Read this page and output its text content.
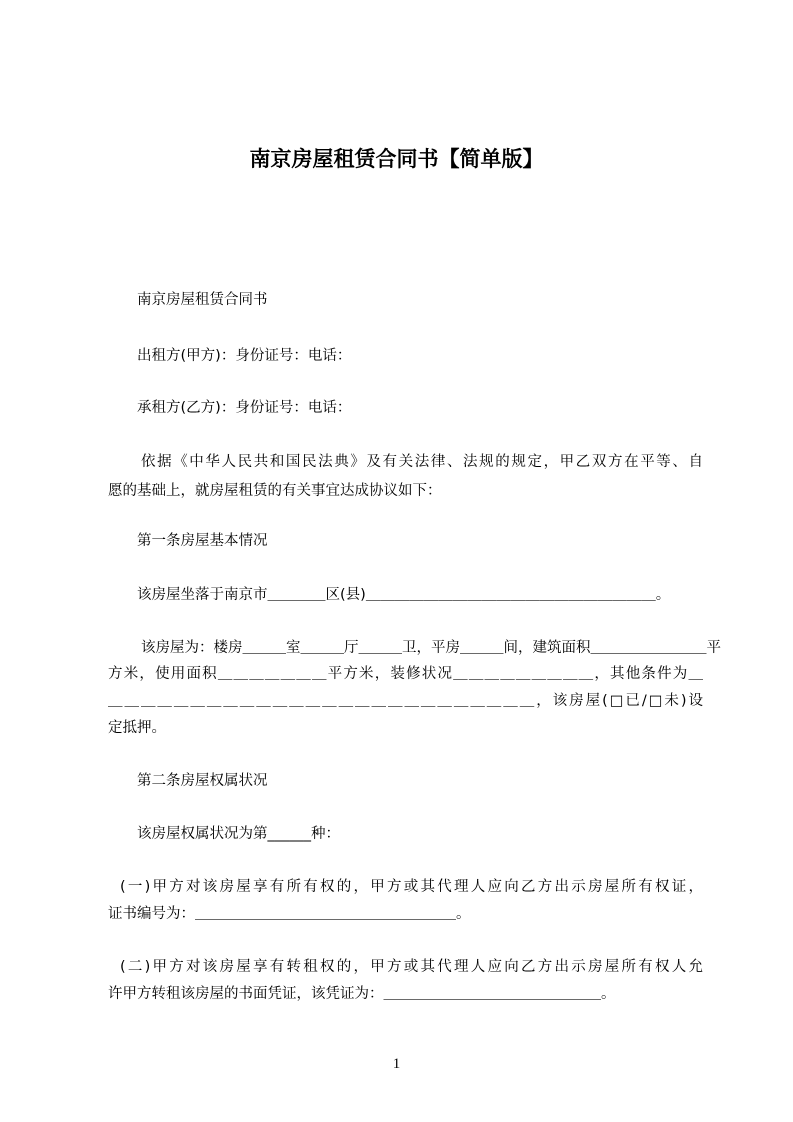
南京房屋租赁合同书【简单版】
南京房屋租赁合同书
出租方(甲方)：身份证号：电话：
承租方(乙方)：身份证号：电话：
依据《中华人民共和国民法典》及有关法律、法规的规定，甲乙双方在平等、自
愿的基础上，就房屋租赁的有关事宜达成协议如下：
第一条房屋基本情况
该房屋坐落于南京市＿＿＿＿区(县)＿＿＿＿＿＿＿＿＿＿＿＿＿＿＿＿＿＿＿＿。
该房屋为：楼房＿＿＿室＿＿＿厅＿＿＿卫，平房＿＿＿间，建筑面积＿＿＿＿＿＿＿＿平
方米，使用面积＿＿＿＿＿＿＿平方米，装修状况＿＿＿＿＿＿＿＿＿，其他条件为＿
＿＿＿＿＿＿＿＿＿＿＿＿＿＿＿＿＿＿＿＿＿＿＿＿＿＿，该房屋(□已/□未)设
定抵押。
第二条房屋权属状况
该房屋权属状况为第______种：
(一)甲方对该房屋享有所有权的，甲方或其代理人应向乙方出示房屋所有权证，
证书编号为：＿＿＿＿＿＿＿＿＿＿＿＿＿＿＿＿＿＿。
(二)甲方对该房屋享有转租权的，甲方或其代理人应向乙方出示房屋所有权人允
许甲方转租该房屋的书面凭证，该凭证为：＿＿＿＿＿＿＿＿＿＿＿＿＿＿＿。
1
